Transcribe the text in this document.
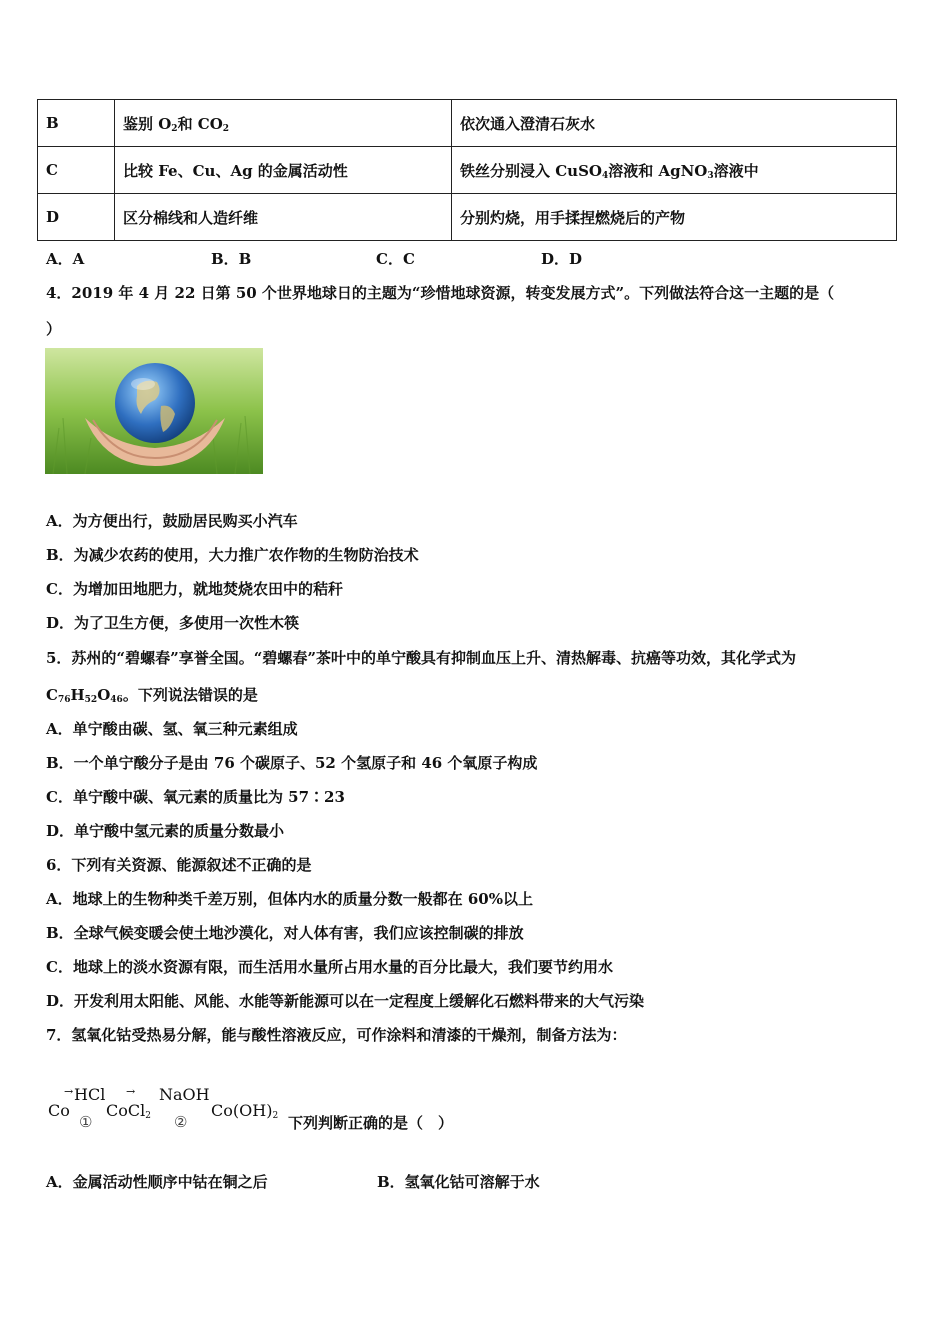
B	鉴别 $O_2$和 $CO_2$	依次通入澄清石灰水
C	比较 Fe、Cu、Ag 的金属活动性	铁丝分别浸入 CuSO$_4$溶液和 AgNO$_3$溶液中
D	区分棉线和人造纤维	分别灼烧，用手揉捏燃烧后的产物
A．A	B．B	C．C	D．D
4．2019 年 4 月 22 日第 50 个世界地球日的主题为“珍惜地球资源，转变发展方式”。下列做法符合这一主题的是（
）
A．为方便出行，鼓励居民购买小汽车
B．为减少农药的使用，大力推广农作物的生物防治技术
C．为增加田地肥力，就地焚烧农田中的秸秆
D．为了卫生方便，多使用一次性木筷
5．苏州的“碧螺春”享誉全国。“碧螺春”茶叶中的单宁酸具有抑制血压上升、清热解毒、抗癌等功效，其化学式为
$C_{76}H_{52}O_{46}$。下列说法错误的是
A．单宁酸由碳、氢、氧三种元素组成
B．一个单宁酸分子是由 76 个碳原子、52 个氢原子和 46 个氧原子构成
C．单宁酸中碳、氧元素的质量比为 57∶23
D．单宁酸中氢元素的质量分数最小
6．下列有关资源、能源叙述不正确的是
A．地球上的生物种类千差万别，但体内水的质量分数一般都在 60%以上
B．全球气候变暖会使土地沙漠化，对人体有害，我们应该控制碳的排放
C．地球上的淡水资源有限，而生活用水量所占用水量的百分比最大，我们要节约用水
D．开发利用太阳能、风能、水能等新能源可以在一定程度上缓解化石燃料带来的大气污染
7．氢氧化钴受热易分解，能与酸性溶液反应，可作涂料和清漆的干燥剂，制备方法为：
Co
→ HCl
①
CoCl$_2$
→ NaOH
②
$Co(OH)_2$ 下列判断正确的是（　）
A．金属活动性顺序中钴在铜之后	B．氢氧化钴可溶解于水
